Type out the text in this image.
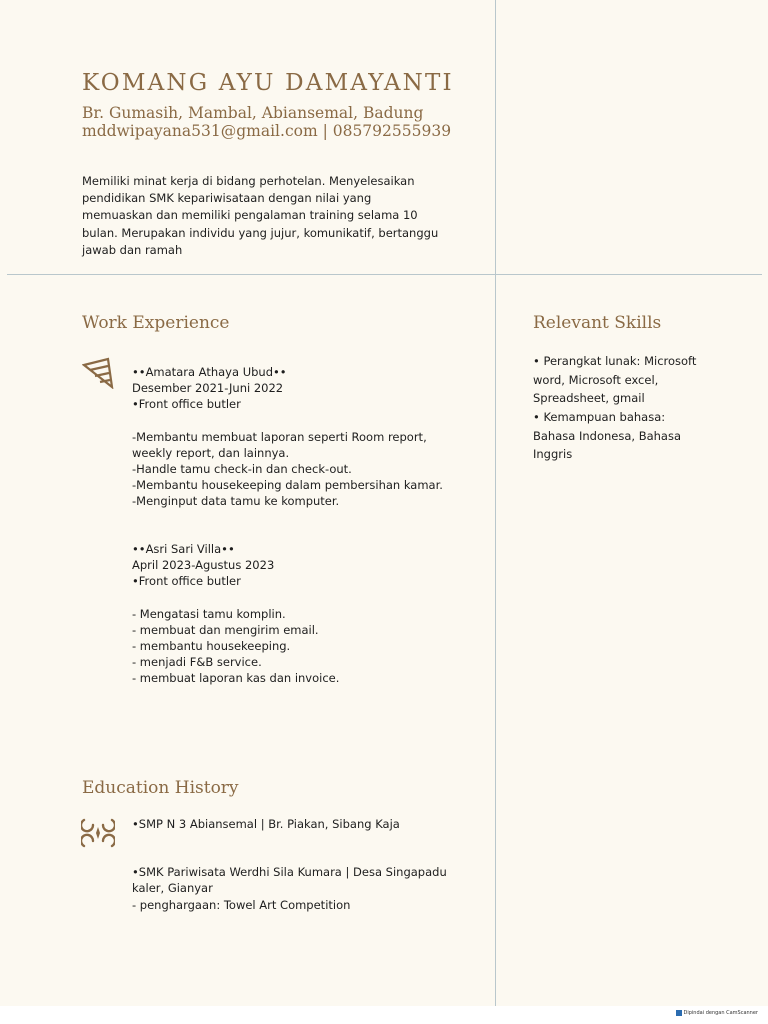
KOMANG AYU DAMAYANTI
Br. Gumasih, Mambal, Abiansemal, Badung
mddwipayana531@gmail.com | 085792555939
Memiliki minat kerja di bidang perhotelan. Menyelesaikan pendidikan SMK kepariwisataan dengan nilai yang memuaskan dan memiliki pengalaman training selama 10 bulan. Merupakan individu yang jujur, komunikatif, bertanggu jawab dan ramah
Work Experience
••Amatara Athaya Ubud••
Desember 2021-Juni 2022
•Front office butler
-Membantu membuat laporan seperti Room report,
weekly report, dan lainnya.
-Handle tamu check-in dan check-out.
-Membantu housekeeping dalam pembersihan kamar.
-Menginput data tamu ke komputer.
••Asri Sari Villa••
April 2023-Agustus 2023
•Front office butler
- Mengatasi tamu komplin.
- membuat dan mengirim email.
- membantu housekeeping.
- menjadi F&B service.
- membuat laporan kas dan invoice.
Relevant Skills
• Perangkat lunak: Microsoft
word, Microsoft excel,
Spreadsheet, gmail
• Kemampuan bahasa:
Bahasa Indonesa, Bahasa
Inggris
Education History
•SMP N 3 Abiansemal | Br. Piakan, Sibang Kaja
•SMK Pariwisata Werdhi Sila Kumara | Desa Singapadu
kaler, Gianyar
- penghargaan: Towel Art Competition
Dipindai dengan CamScanner
